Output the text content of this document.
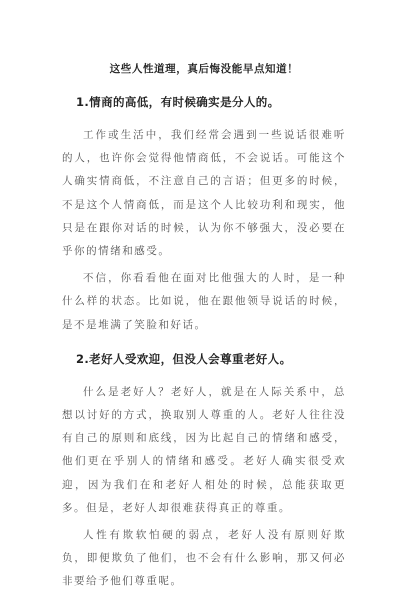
这些人性道理，真后悔没能早点知道！
1.情商的高低，有时候确实是分人的。

工作或生活中，我们经常会遇到一些说话很难听的人，也许你会觉得他情商低，不会说话。可能这个人确实情商低，不注意自己的言语；但更多的时候，不是这个人情商低，而是这个人比较功利和现实，他只是在跟你对话的时候，认为你不够强大，没必要在乎你的情绪和感受。

不信，你看看他在面对比他强大的人时，是一种什么样的状态。比如说，他在跟他领导说话的时候，是不是堆满了笑脸和好话。

2.老好人受欢迎，但没人会尊重老好人。

什么是老好人？老好人，就是在人际关系中，总想以讨好的方式，换取别人尊重的人。老好人往往没有自己的原则和底线，因为比起自己的情绪和感受，他们更在乎别人的情绪和感受。老好人确实很受欢迎，因为我们在和老好人相处的时候，总能获取更多。但是，老好人却很难获得真正的尊重。

人性有欺软怕硬的弱点，老好人没有原则好欺负，即便欺负了他们，也不会有什么影响，那又何必非要给予他们尊重呢。
